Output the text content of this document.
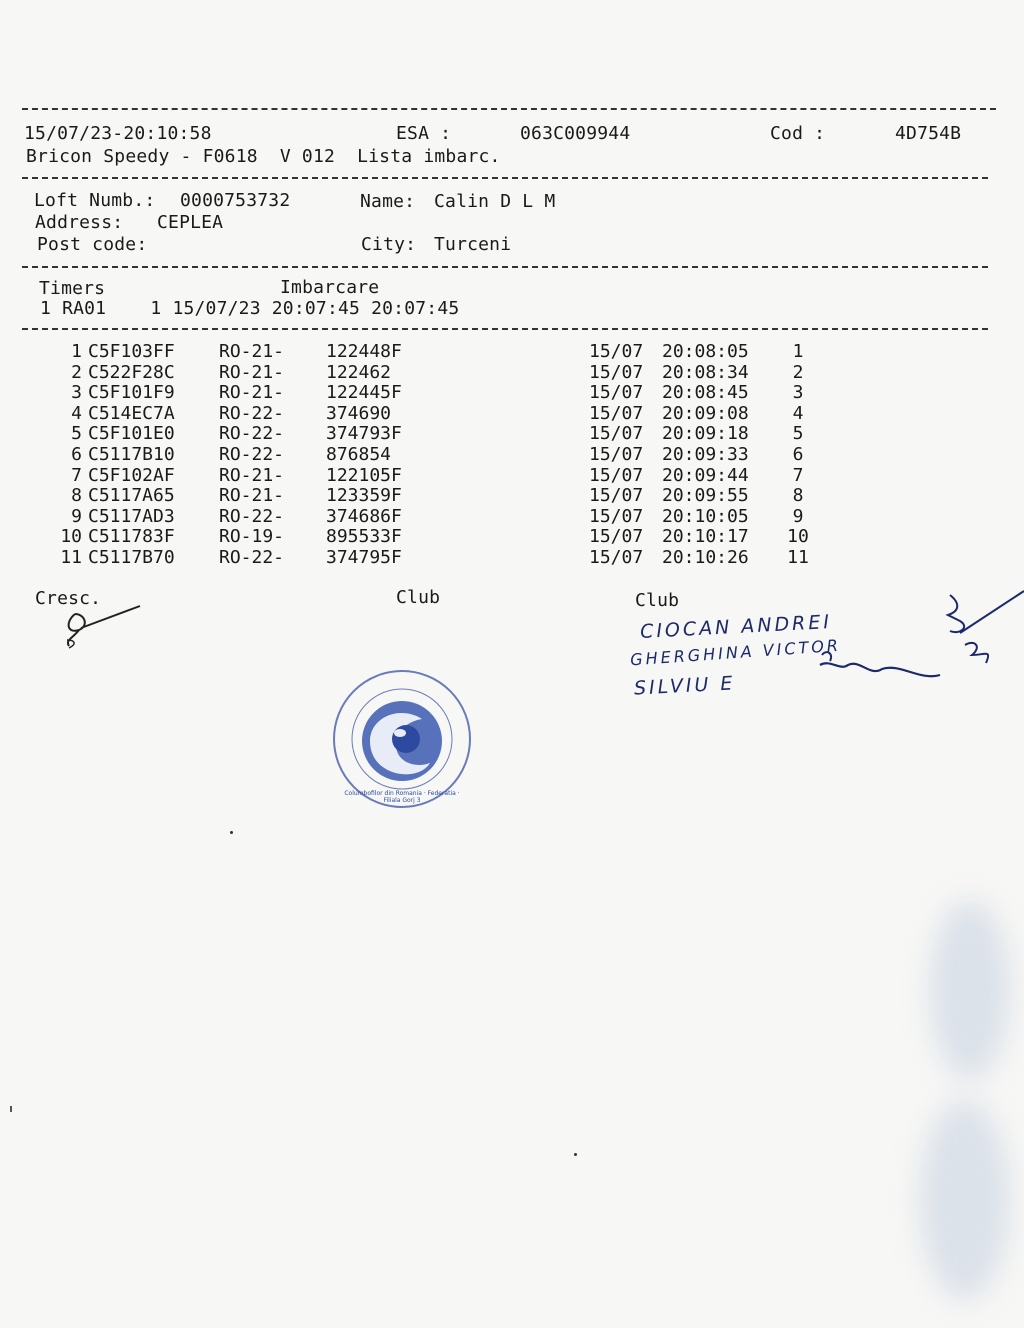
15/07/23-20:10:58	ESA :	063C009944	Cod :	4D754B
Bricon Speedy - F0618  V 012  Lista imbarc.
Loft Numb.: 0000753732	Name: Calin D L M
Address: CEPLEA
Post code:	City: Turceni
Timers	Imbarcare
1 RA01    1 15/07/23 20:07:45 20:07:45
1 C5F103FF RO-21- 122448F	15/07 20:08:05	1
2 C522F28C RO-21- 122462	15/07 20:08:34	2
3 C5F101F9 RO-21- 122445F	15/07 20:08:45	3
4 C514EC7A RO-22- 374690	15/07 20:09:08	4
5 C5F101E0 RO-22- 374793F	15/07 20:09:18	5
6 C5117B10 RO-22- 876854	15/07 20:09:33	6
7 C5F102AF RO-21- 122105F	15/07 20:09:44	7
8 C5117A65 RO-21- 123359F	15/07 20:09:55	8
9 C5117AD3 RO-22- 374686F	15/07 20:10:05	9
10 C511783F RO-19- 895533F	15/07 20:10:17 10
11 C5117B70 RO-22- 374795F	15/07 20:10:26 11
Cresc.	Club	Club
CIOCAN ANDREI
GHERGHINA VICTOR
SILVIU E
Columbofilor din Romania · Federatia · Filiala Gorj 3
